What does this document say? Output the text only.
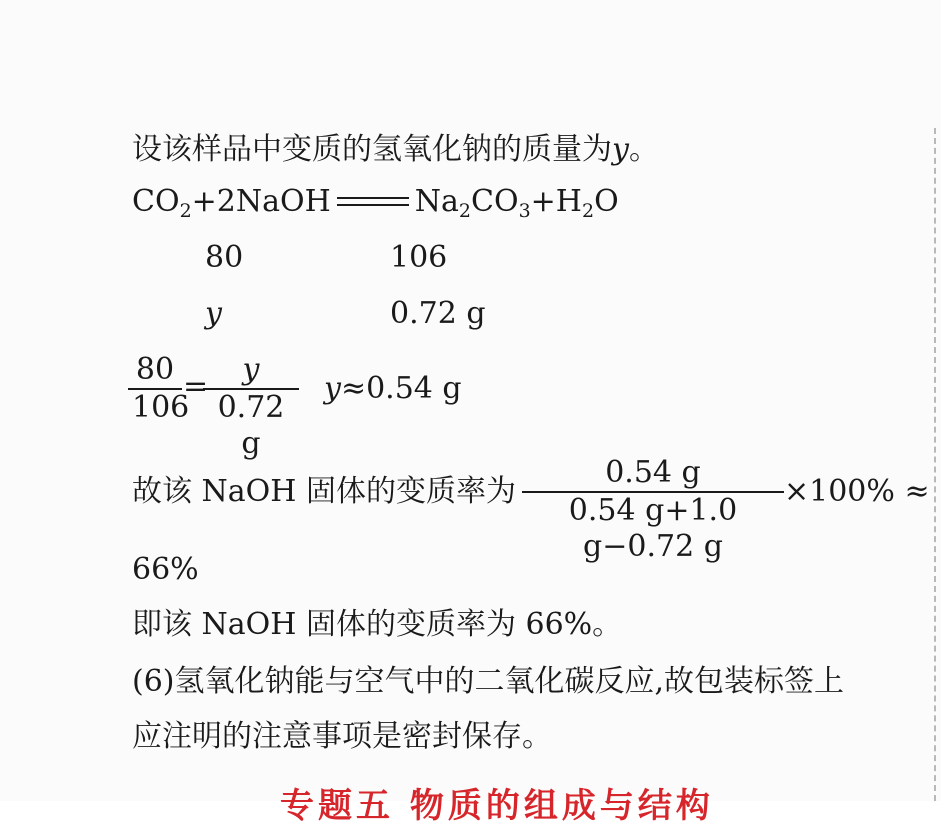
设该样品中变质的氢氧化钠的质量为y。
$CO_2+2NaOH$	$Na_2CO_3+H_2O$
80	106
y	0.72 g
80
106
=	y
0.72 g
y≈0.54 g
故该 NaOH 固体的变质率为
0.54 g
0.54 g+1.0 g−0.72 g
×100% ≈
66%
即该 NaOH 固体的变质率为 66%。
(6)氢氧化钠能与空气中的二氧化碳反应,故包装标签上
应注明的注意事项是密封保存。
专题五 物质的组成与结构
